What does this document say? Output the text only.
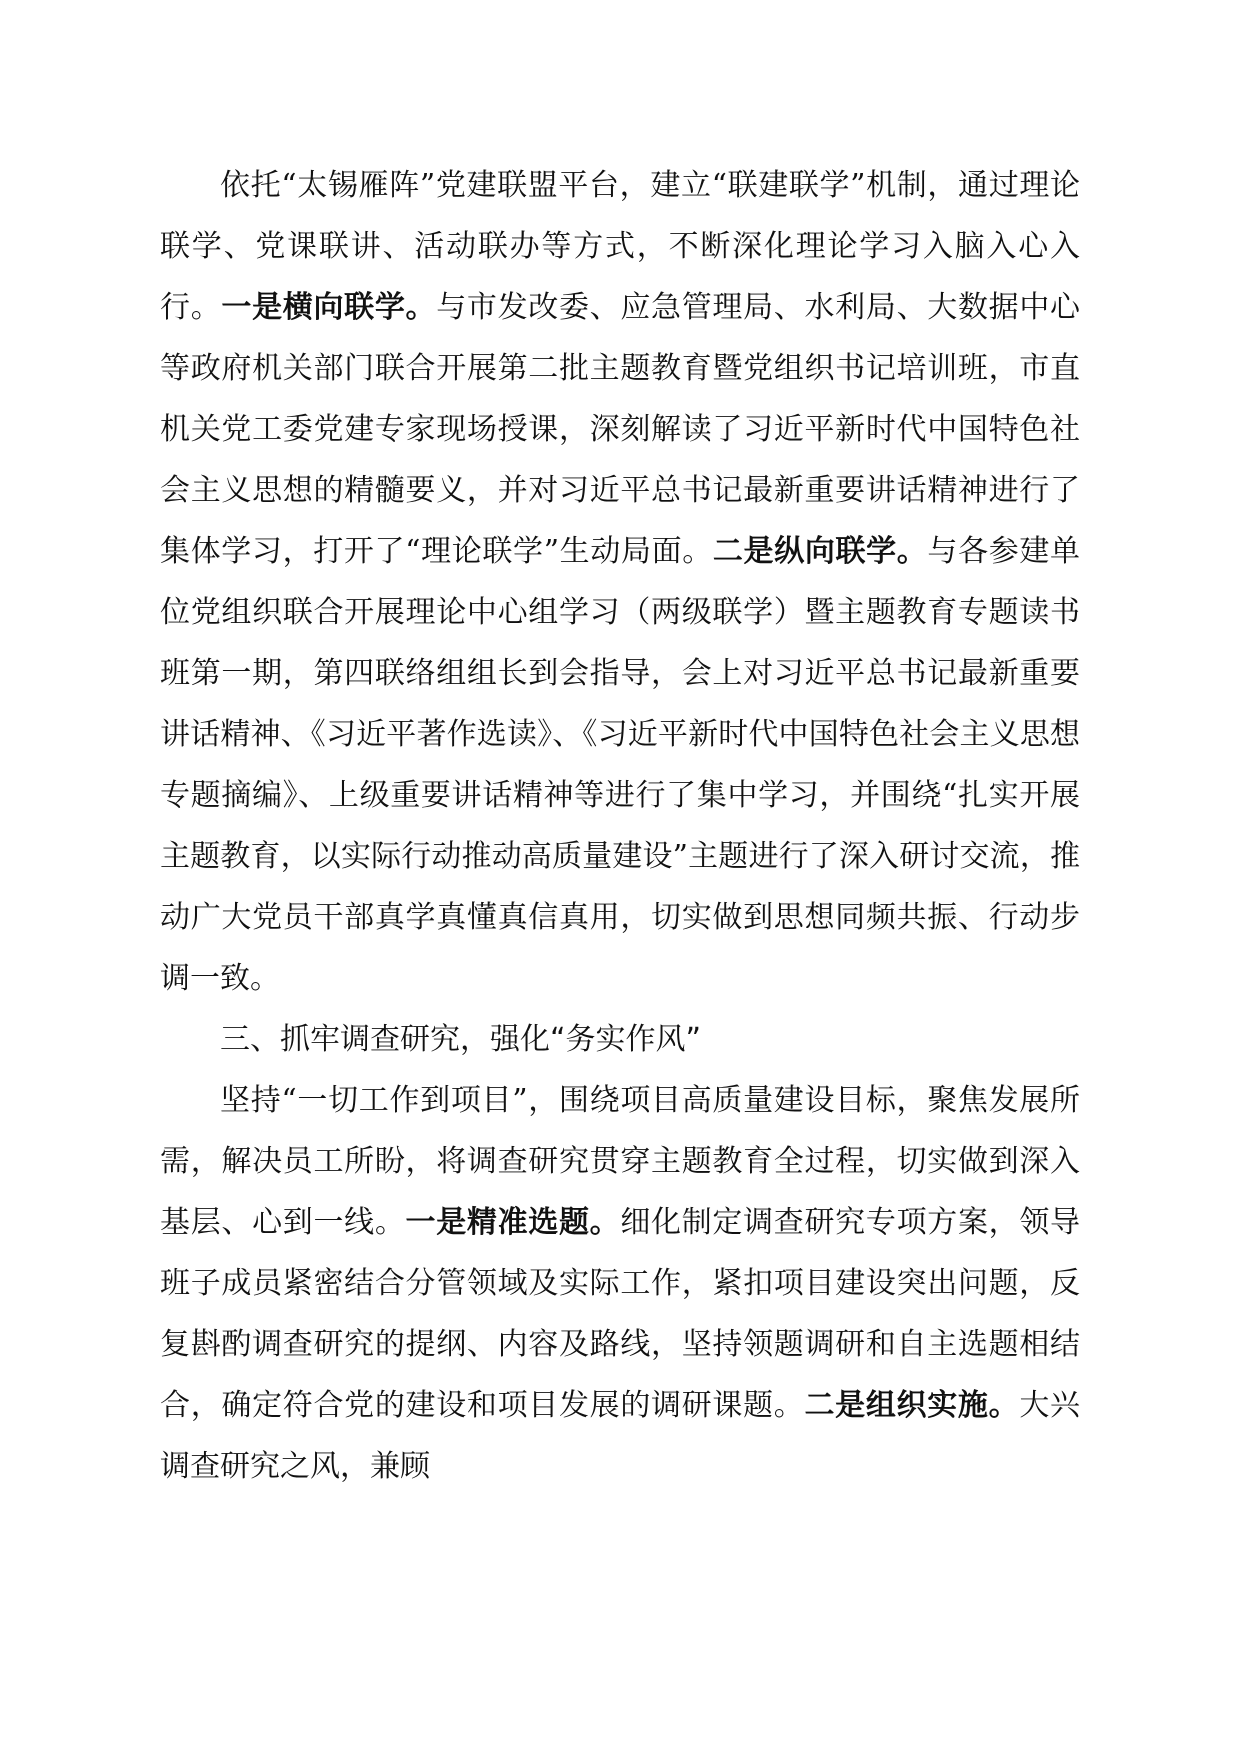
依托“太锡雁阵”党建联盟平台，建立“联建联学”机制，通过理论联学、党课联讲、活动联办等方式，不断深化理论学习入脑入心入行。一是横向联学。与市发改委、应急管理局、水利局、大数据中心等政府机关部门联合开展第二批主题教育暨党组织书记培训班，市直机关党工委党建专家现场授课，深刻解读了习近平新时代中国特色社会主义思想的精髓要义，并对习近平总书记最新重要讲话精神进行了集体学习，打开了“理论联学”生动局面。二是纵向联学。与各参建单位党组织联合开展理论中心组学习（两级联学）暨主题教育专题读书班第一期，第四联络组组长到会指导，会上对习近平总书记最新重要讲话精神、《习近平著作选读》、《习近平新时代中国特色社会主义思想专题摘编》、上级重要讲话精神等进行了集中学习，并围绕“扎实开展主题教育，以实际行动推动高质量建设”主题进行了深入研讨交流，推动广大党员干部真学真懂真信真用，切实做到思想同频共振、行动步调一致。

三、抓牢调查研究，强化“务实作风”

坚持“一切工作到项目”，围绕项目高质量建设目标，聚焦发展所需，解决员工所盼，将调查研究贯穿主题教育全过程，切实做到深入基层、心到一线。一是精准选题。细化制定调查研究专项方案，领导班子成员紧密结合分管领域及实际工作，紧扣项目建设突出问题，反复斟酌调查研究的提纲、内容及路线，坚持领题调研和自主选题相结合，确定符合党的建设和项目发展的调研课题。二是组织实施。大兴调查研究之风，兼顾
